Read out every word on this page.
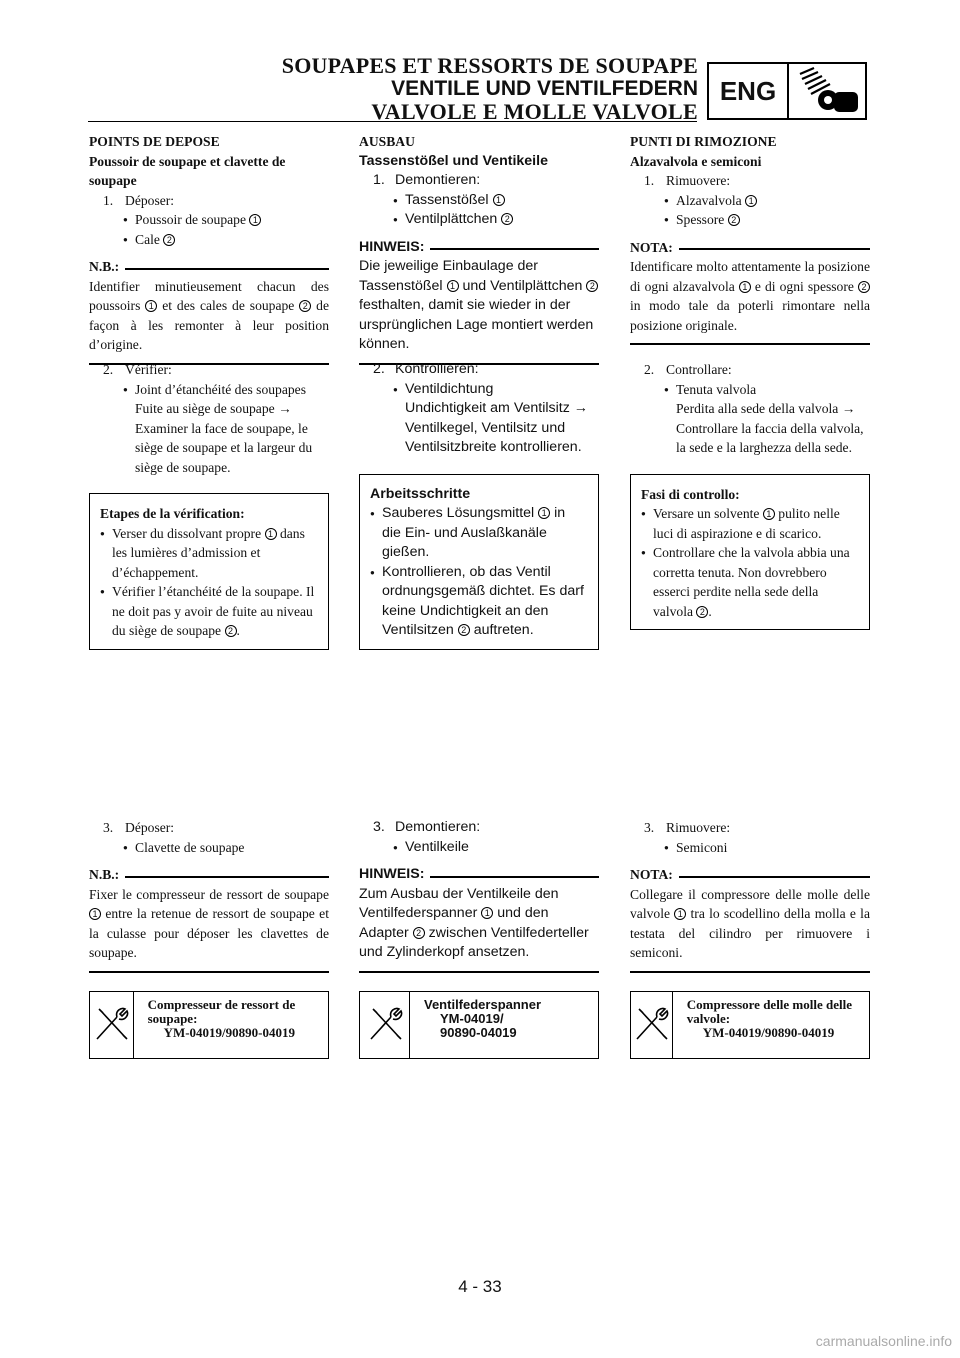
SOUPAPES ET RESSORTS DE SOUPAPE
VENTILE UND VENTILFEDERN
VALVOLE E MOLLE VALVOLE
ENG
POINTS DE DEPOSE
Poussoir de soupape et clavette de soupape
1. Déposer:
● Poussoir de soupape 1
● Cale 2
N.B.:
Identifier minutieusement chacun des poussoirs 1 et des cales de soupape 2 de façon à les remonter à leur position d’origine.
2. Vérifier:
● Joint d’étanchéité des soupapes
Fuite au siège de soupape → Examiner la face de soupape, le siège de soupape et la largeur du siège de soupape.
Etapes de la vérification:
● Verser du dissolvant propre 1 dans les lumières d’admission et d’échappement.
● Vérifier l’étanchéité de la soupape. Il ne doit pas y avoir de fuite au niveau du siège de soupape 2 .
3. Déposer:
● Clavette de soupape
N.B.:
Fixer le compresseur de ressort de soupape 1 entre la retenue de ressort de soupape et la culasse pour déposer les clavettes de soupape.
Compresseur de ressort de soupape:
YM-04019/90890-04019
AUSBAU
Tassenstößel und Ventikeile
1. Demontieren:
● Tassenstößel 1
● Ventilplättchen 2
HINWEIS:
Die jeweilige Einbaulage der Tassenstößel 1 und Ventilplättchen 2 festhalten, damit sie wieder in der ursprünglichen Lage montiert werden können.
2. Kontrollieren:
● Ventildichtung
Undichtigkeit am Ventilsitz → Ventilkegel, Ventilsitz und Ventilsitzbreite kontrollieren.
Arbeitsschritte
● Sauberes Lösungsmittel 1 in die Ein- und Auslaßkanäle gießen.
● Kontrollieren, ob das Ventil ordnungsgemäß dichtet. Es darf keine Undichtigkeit an den Ventilsitzen 2 auftreten.
3. Demontieren:
● Ventilkeile
HINWEIS:
Zum Ausbau der Ventilkeile den Ventilfederspanner 1 und den Adapter 2 zwischen Ventilfederteller und Zylinderkopf ansetzen.
Ventilfederspanner
YM-04019/
90890-04019
PUNTI DI RIMOZIONE
Alzavalvola e semiconi
1. Rimuovere:
● Alzavalvola 1
● Spessore 2
NOTA:
Identificare molto attentamente la posizione di ogni alzavalvola 1 e di ogni spessore 2 in modo tale da poterli rimontare nella posizione originale.
2. Controllare:
● Tenuta valvola
Perdita alla sede della valvola → Controllare la faccia della valvola, la sede e la larghezza della sede.
Fasi di controllo:
● Versare un solvente 1 pulito nelle luci di aspirazione e di scarico.
● Controllare che la valvola abbia una corretta tenuta. Non dovrebbero esserci perdite nella sede della valvola 2 .
3. Rimuovere:
● Semiconi
NOTA:
Collegare il compressore delle molle delle valvole 1 tra lo scodellino della molla e la testata del cilindro per rimuovere i semiconi.
Compressore delle molle delle valvole:
YM-04019/90890-04019
4 - 33
carmanualsonline.info
